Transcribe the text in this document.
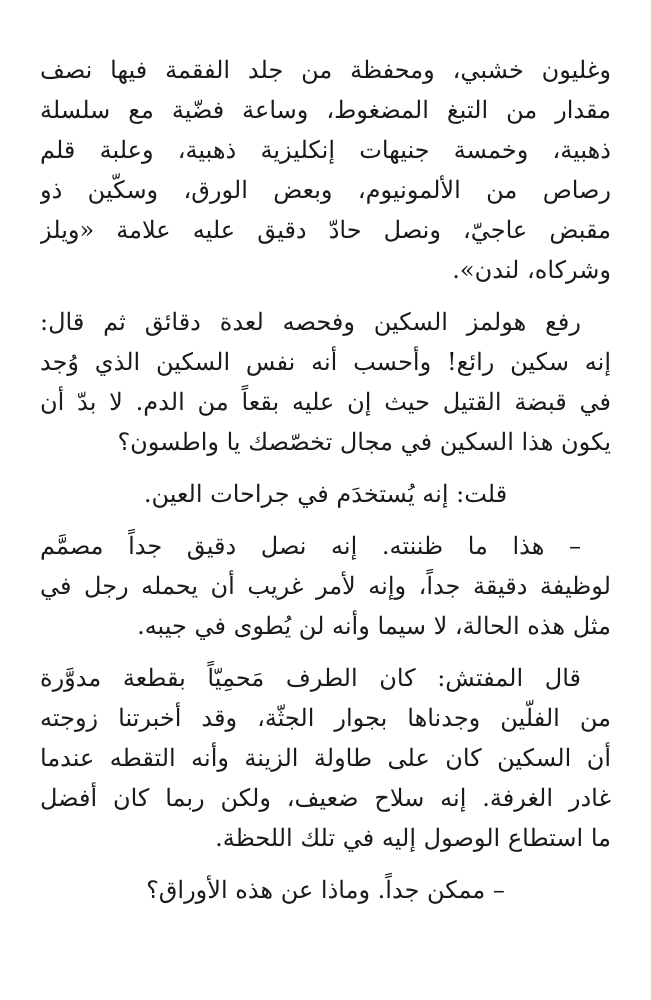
وغليون خشبي، ومحفظة من جلد الفقمة فيها نصف
مقدار من التبغ المضغوط، وساعة فضّية مع سلسلة
ذهبية، وخمسة جنيهات إنكليزية ذهبية، وعلبة قلم
رصاص من الألمونيوم، وبعض الورق، وسكّين ذو
مقبض عاجيّ، ونصل حادّ دقيق عليه علامة «ويلز
وشركاه، لندن».
رفع هولمز السكين وفحصه لعدة دقائق ثم قال:
إنه سكين رائع! وأحسب أنه نفس السكين الذي وُجد
في قبضة القتيل حيث إن عليه بقعاً من الدم. لا بدّ أن
يكون هذا السكين في مجال تخصّصك يا واطسون؟
قلت: إنه يُستخدَم في جراحات العين.
– هذا ما ظننته. إنه نصل دقيق جداً مصمَّم
لوظيفة دقيقة جداً، وإنه لأمر غريب أن يحمله رجل في
مثل هذه الحالة، لا سيما وأنه لن يُطوى في جيبه.
قال المفتش: كان الطرف مَحمِيّاً بقطعة مدوَّرة
من الفلّين وجدناها بجوار الجثّة، وقد أخبرتنا زوجته
أن السكين كان على طاولة الزينة وأنه التقطه عندما
غادر الغرفة. إنه سلاح ضعيف، ولكن ربما كان أفضل
ما استطاع الوصول إليه في تلك اللحظة.
– ممكن جداً. وماذا عن هذه الأوراق؟
